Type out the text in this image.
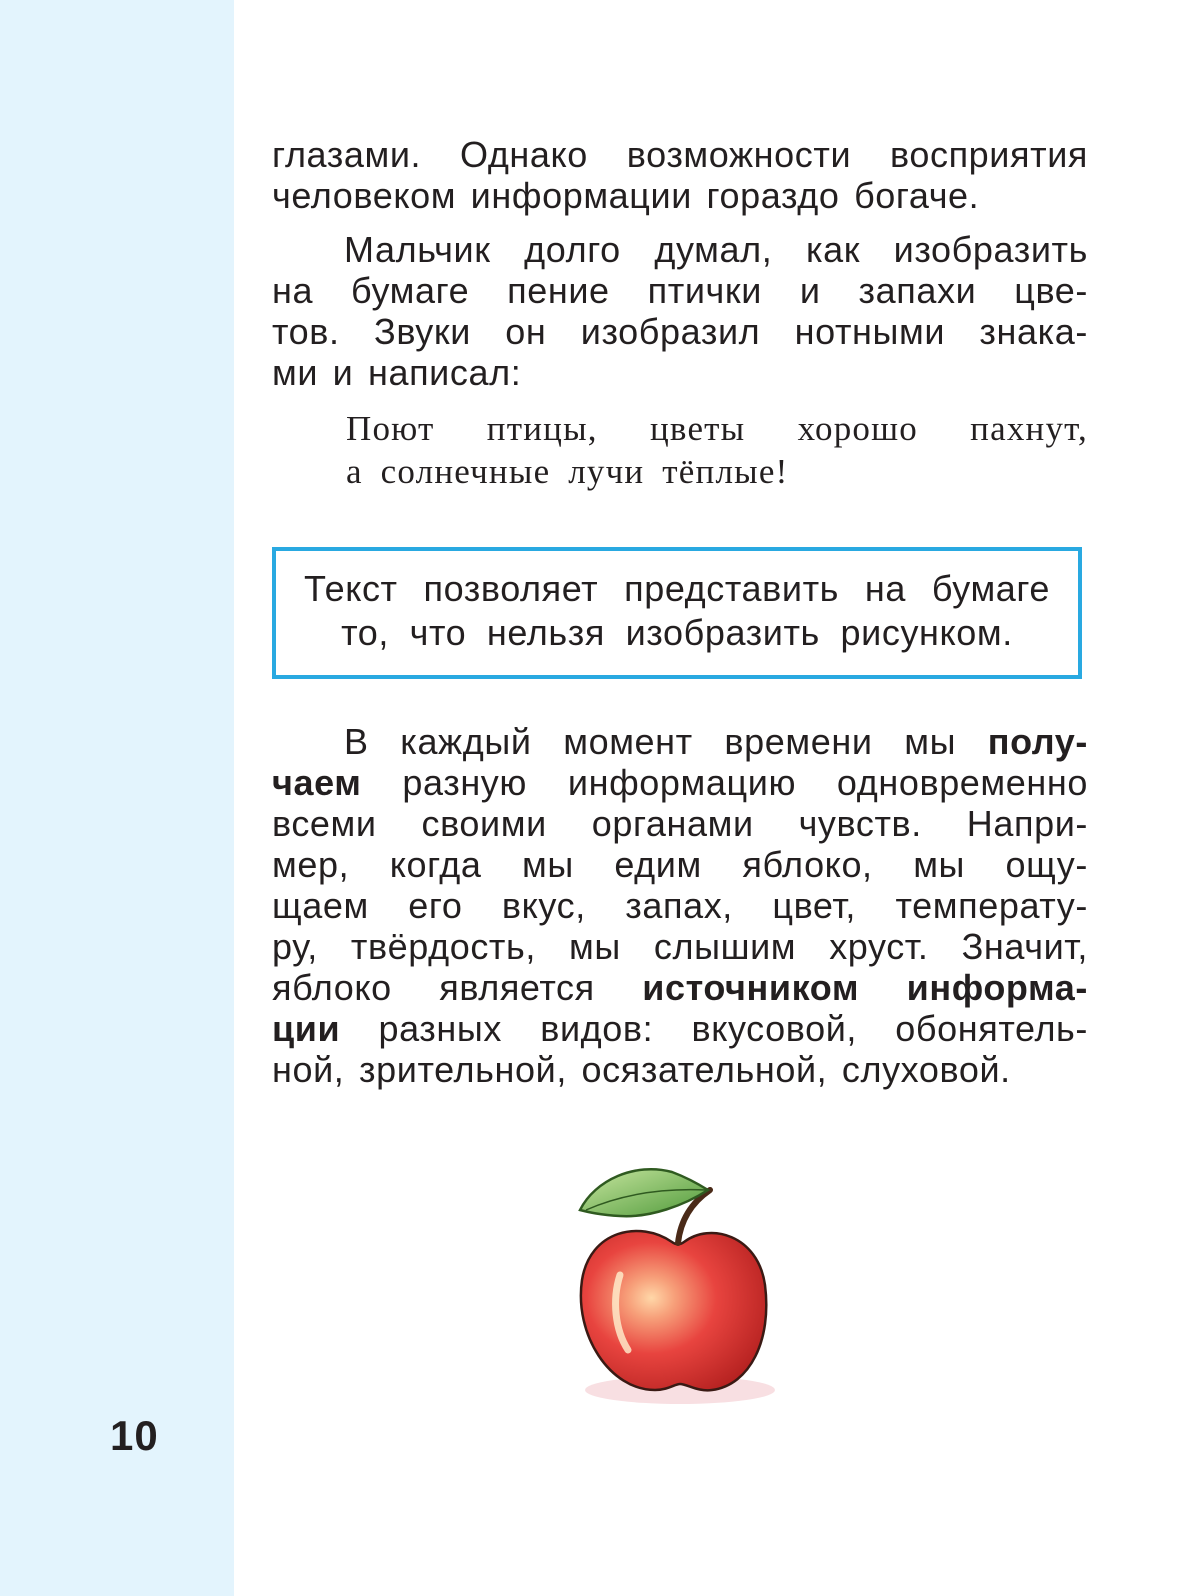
глазами. Однако возможности восприятия
человеком информации гораздо богаче.
Мальчик долго думал, как изобразить
на бумаге пение птички и запахи цве-
тов. Звуки он изобразил нотными знака-
ми и написал:
Поют птицы, цветы хорошо пахнут,
а солнечные лучи тёплые!
Текст позволяет представить на бумаге
то, что нельзя изобразить рисунком.
В каждый момент времени мы полу-
чаем разную информацию одновременно
всеми своими органами чувств. Напри-
мер, когда мы едим яблоко, мы ощу-
щаем его вкус, запах, цвет, температу-
ру, твёрдость, мы слышим хруст. Значит,
яблоко является источником информа-
ции разных видов: вкусовой, обонятель-
ной, зрительной, осязательной, слуховой.
10
